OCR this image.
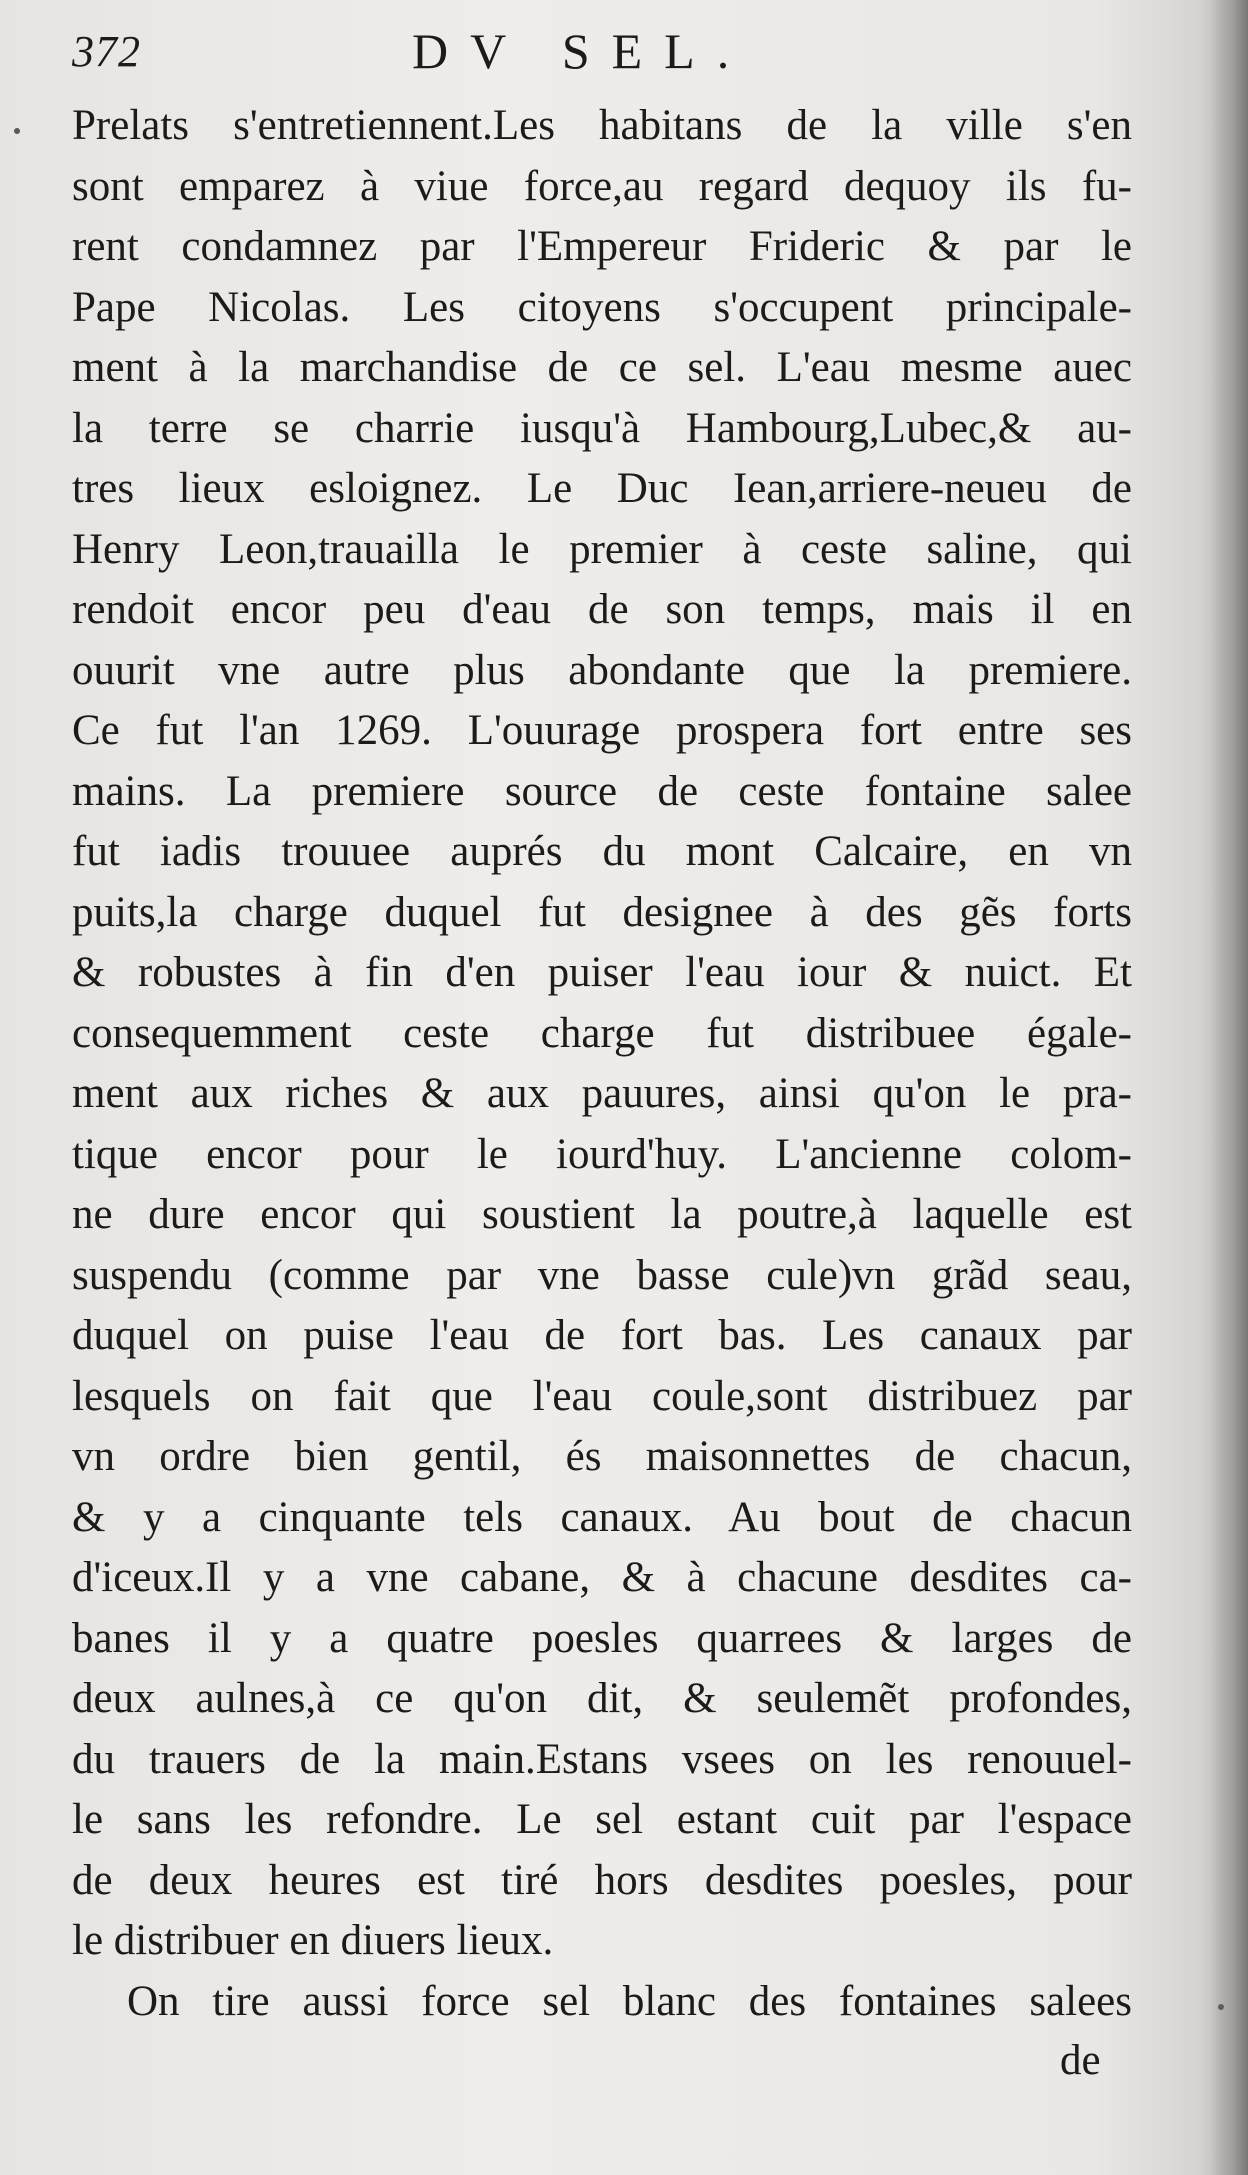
372	DV SEL.
Prelats s'entretiennent.Les habitans de la ville s'en
sont emparez à viue force,au regard dequoy ils fu-
rent condamnez par l'Empereur Frideric & par le
Pape Nicolas. Les citoyens s'occupent principale-
ment à la marchandise de ce sel. L'eau mesme auec
la terre se charrie iusqu'à Hambourg,Lubec,& au-
tres lieux esloignez. Le Duc Iean,arriere-neueu de
Henry Leon,trauailla le premier à ceste saline, qui
rendoit encor peu d'eau de son temps, mais il en
ouurit vne autre plus abondante que la premiere.
Ce fut l'an 1269. L'ouurage prospera fort entre ses
mains. La premiere source de ceste fontaine salee
fut iadis trouuee auprés du mont Calcaire, en vn
puits,la charge duquel fut designee à des gẽs forts
& robustes à fin d'en puiser l'eau iour & nuict. Et
consequemment ceste charge fut distribuee égale-
ment aux riches & aux pauures, ainsi qu'on le pra-
tique encor pour le iourd'huy. L'ancienne colom-
ne dure encor qui soustient la poutre,à laquelle est
suspendu (comme par vne basse cule)vn grãd seau,
duquel on puise l'eau de fort bas. Les canaux par
lesquels on fait que l'eau coule,sont distribuez par
vn ordre bien gentil, és maisonnettes de chacun,
& y a cinquante tels canaux. Au bout de chacun
d'iceux.Il y a vne cabane, & à chacune desdites ca-
banes il y a quatre poesles quarrees & larges de
deux aulnes,à ce qu'on dit, & seulemẽt profondes,
du trauers de la main.Estans vsees on les renouuel-
le sans les refondre. Le sel estant cuit par l'espace
de deux heures est tiré hors desdites poesles, pour
le distribuer en diuers lieux.
On tire aussi force sel blanc des fontaines salees
de
